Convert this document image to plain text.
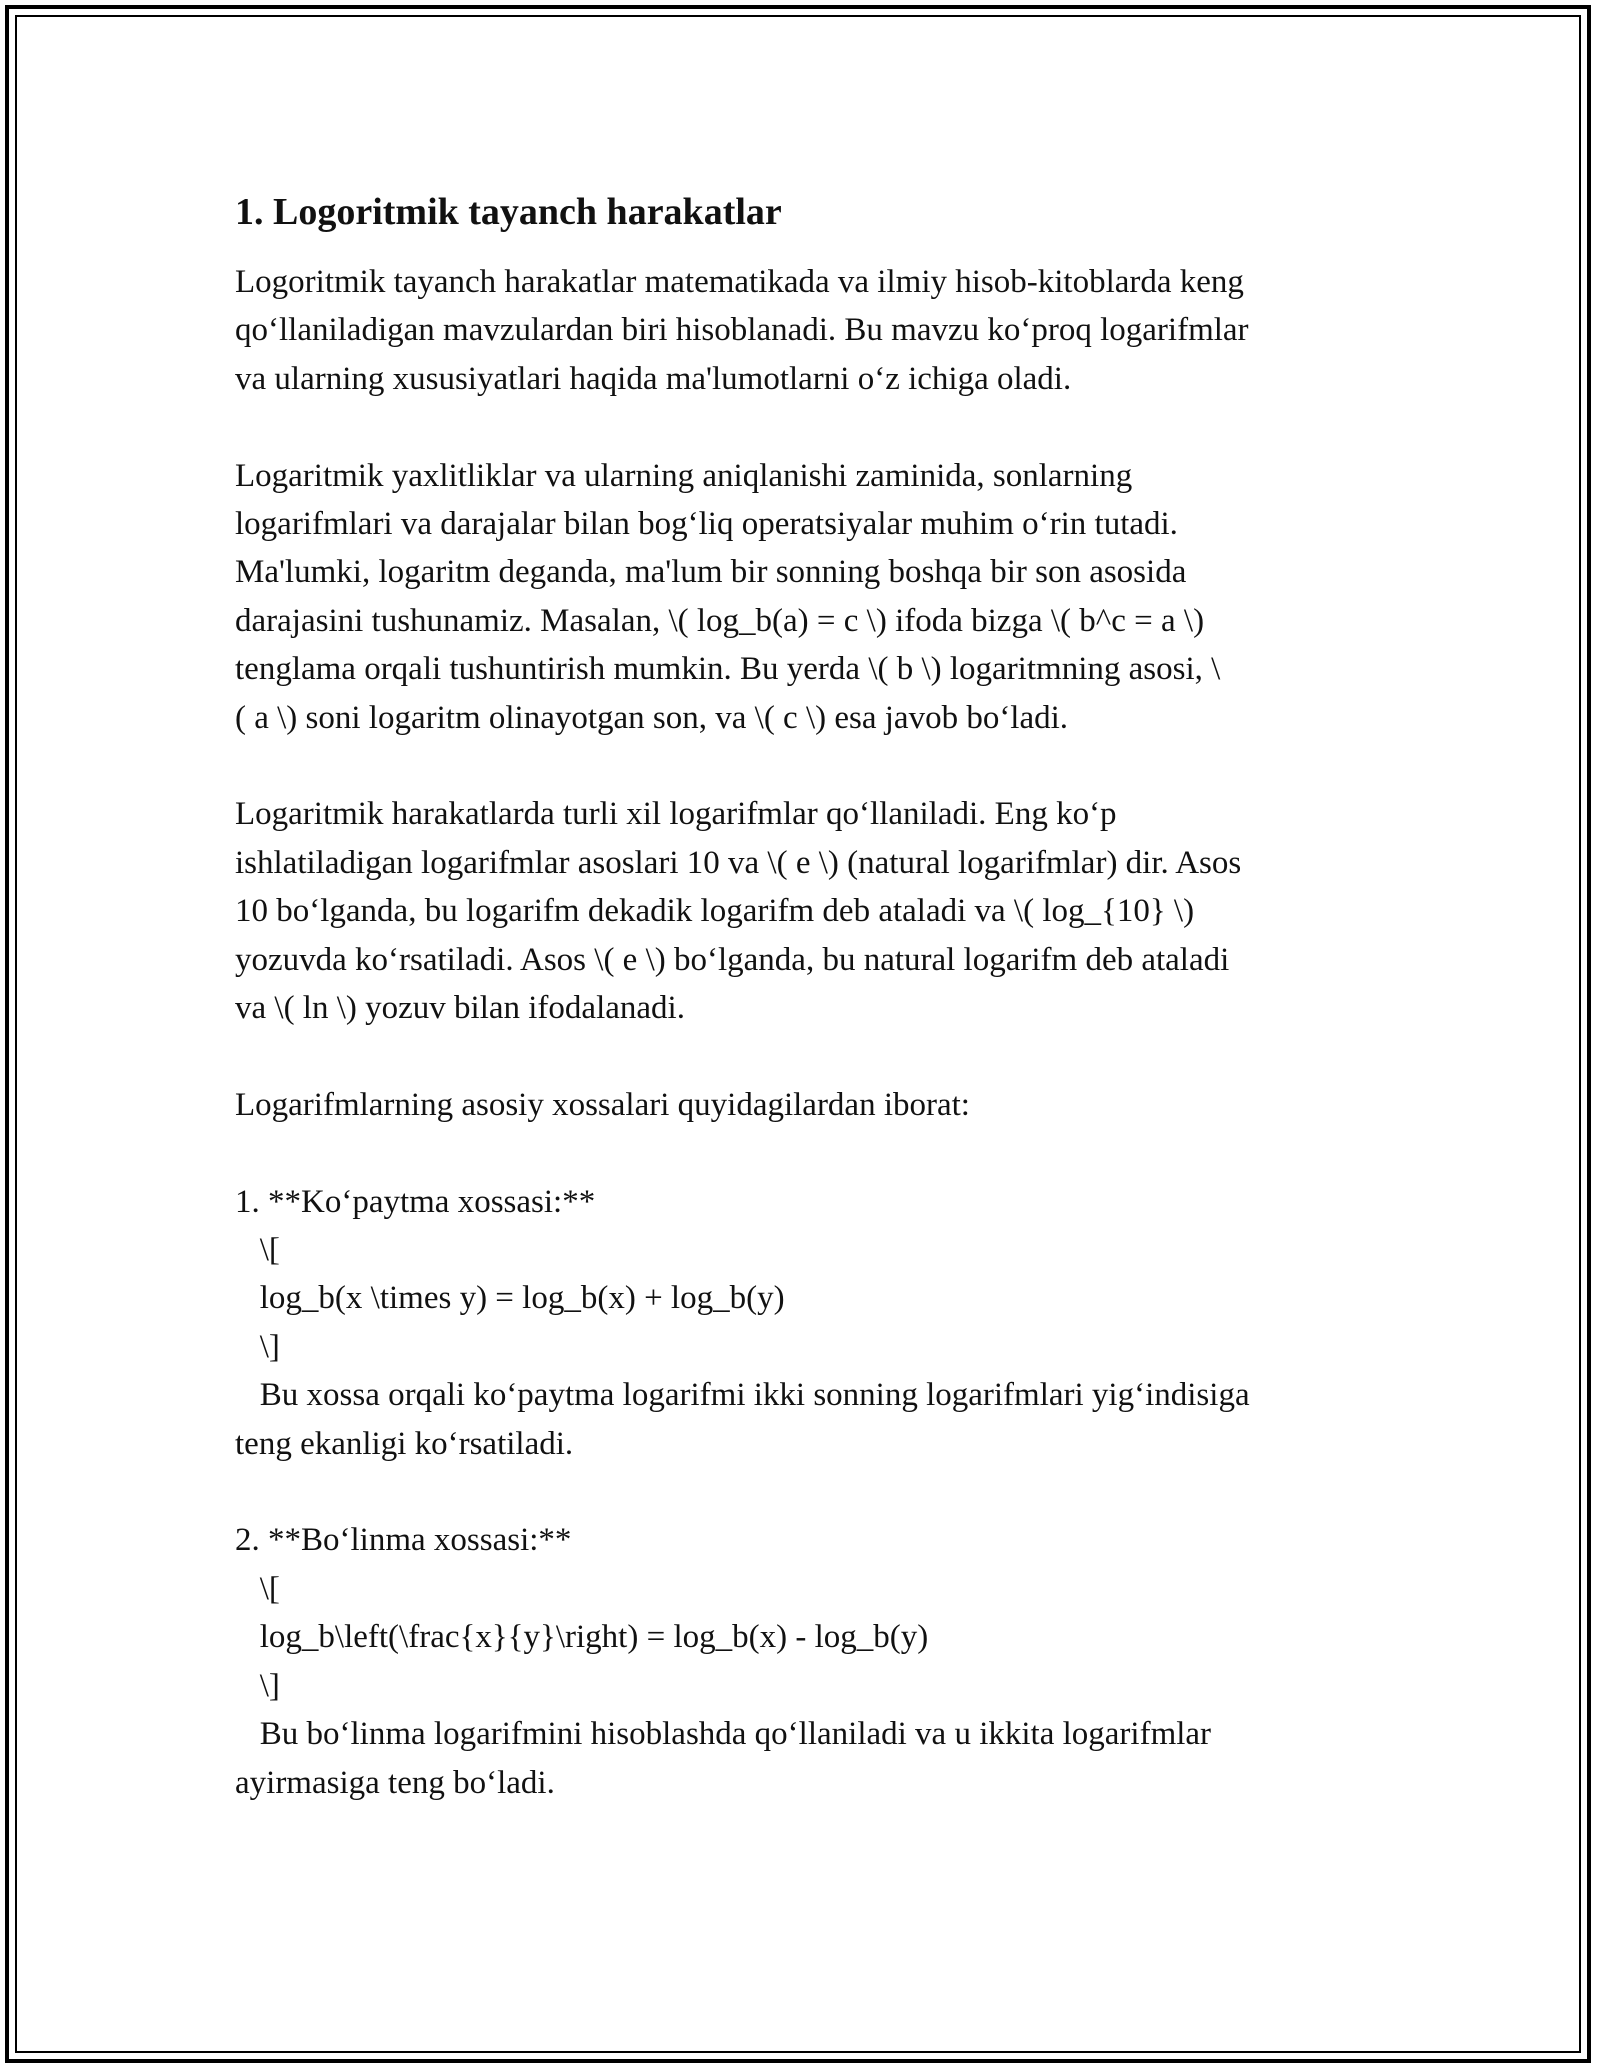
1. Logoritmik tayanch harakatlar
Logoritmik tayanch harakatlar matematikada va ilmiy hisob-kitoblarda keng
qo‘llaniladigan mavzulardan biri hisoblanadi. Bu mavzu ko‘proq logarifmlar
va ularning xususiyatlari haqida ma'lumotlarni o‘z ichiga oladi.
Logaritmik yaxlitliklar va ularning aniqlanishi zaminida, sonlarning
logarifmlari va darajalar bilan bog‘liq operatsiyalar muhim o‘rin tutadi.
Ma'lumki, logaritm deganda, ma'lum bir sonning boshqa bir son asosida
darajasini tushunamiz. Masalan, \( log_b(a) = c \) ifoda bizga \( b^c = a \)
tenglama orqali tushuntirish mumkin. Bu yerda \( b \) logaritmning asosi, \
( a \) soni logaritm olinayotgan son, va \( c \) esa javob bo‘ladi.
Logaritmik harakatlarda turli xil logarifmlar qo‘llaniladi. Eng ko‘p
ishlatiladigan logarifmlar asoslari 10 va \( e \) (natural logarifmlar) dir. Asos
10 bo‘lganda, bu logarifm dekadik logarifm deb ataladi va \( log_{10} \)
yozuvda ko‘rsatiladi. Asos \( e \) bo‘lganda, bu natural logarifm deb ataladi
va \( ln \) yozuv bilan ifodalanadi.
Logarifmlarning asosiy xossalari quyidagilardan iborat:
1. **Ko‘paytma xossasi:**
\[
log_b(x \times y) = log_b(x) + log_b(y)
\]
Bu xossa orqali ko‘paytma logarifmi ikki sonning logarifmlari yig‘indisiga
teng ekanligi ko‘rsatiladi.
2. **Bo‘linma xossasi:**
\[
log_b\left(\frac{x}{y}\right) = log_b(x) - log_b(y)
\]
Bu bo‘linma logarifmini hisoblashda qo‘llaniladi va u ikkita logarifmlar
ayirmasiga teng bo‘ladi.
